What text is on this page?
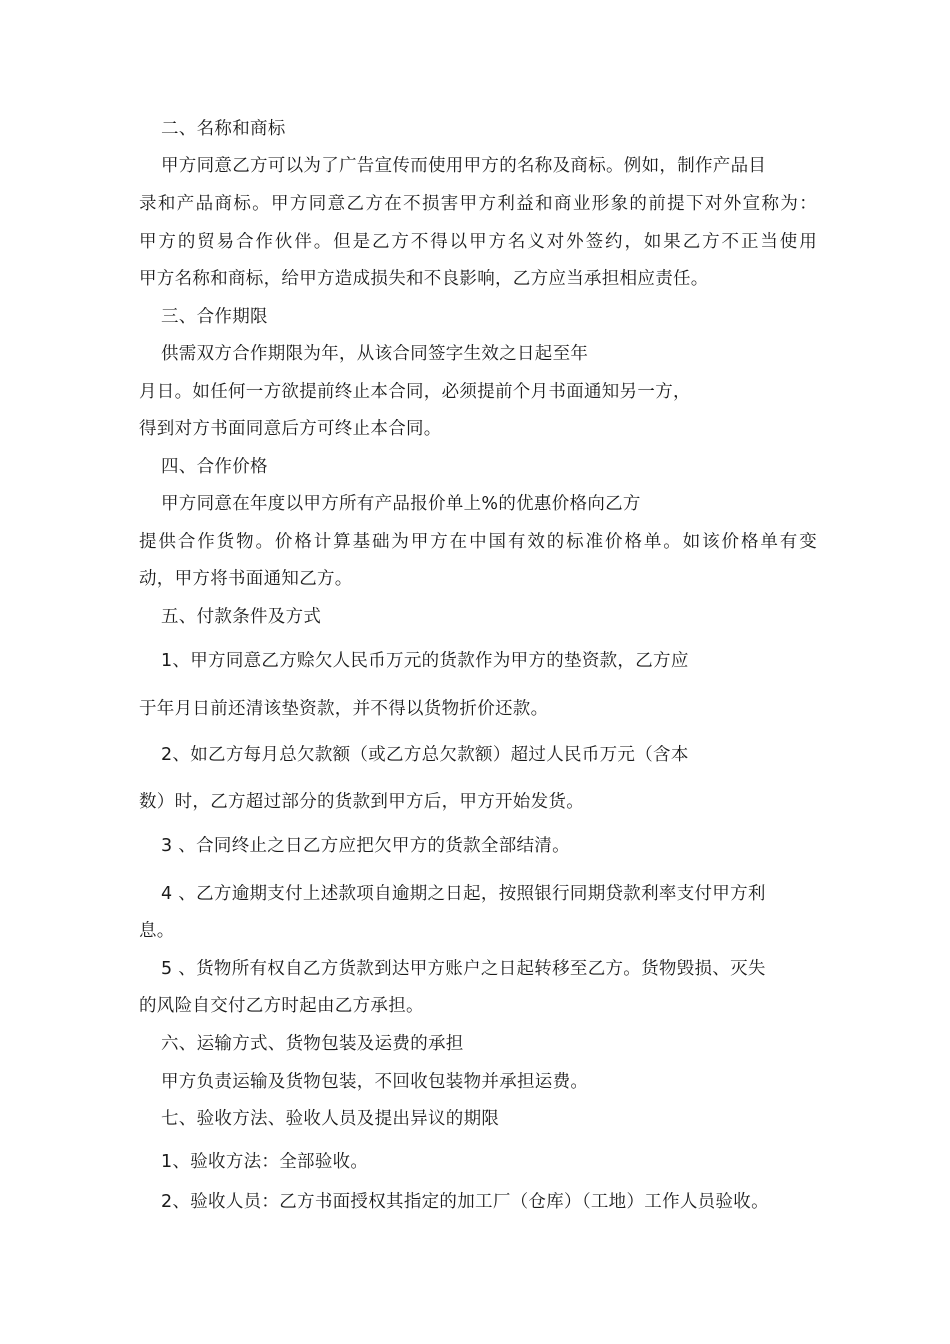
二、名称和商标
甲方同意乙方可以为了广告宣传而使用甲方的名称及商标。例如，制作产品目
录和产品商标。甲方同意乙方在不损害甲方利益和商业形象的前提下对外宣称为：
甲方的贸易合作伙伴。但是乙方不得以甲方名义对外签约，如果乙方不正当使用
甲方名称和商标，给甲方造成损失和不良影响，乙方应当承担相应责任。
三、合作期限
供需双方合作期限为年，从该合同签字生效之日起至年
月日。如任何一方欲提前终止本合同，必须提前个月书面通知另一方，
得到对方书面同意后方可终止本合同。
四、合作价格
甲方同意在年度以甲方所有产品报价单上%的优惠价格向乙方
提供合作货物。价格计算基础为甲方在中国有效的标准价格单。如该价格单有变
动，甲方将书面通知乙方。
五、付款条件及方式
1、甲方同意乙方赊欠人民币万元的货款作为甲方的垫资款，乙方应
于年月日前还清该垫资款，并不得以货物折价还款。
2、如乙方每月总欠款额（或乙方总欠款额）超过人民币万元（含本
数）时，乙方超过部分的货款到甲方后，甲方开始发货。
3 、合同终止之日乙方应把欠甲方的货款全部结清。
4 、乙方逾期支付上述款项自逾期之日起，按照银行同期贷款利率支付甲方利
息。
5 、货物所有权自乙方货款到达甲方账户之日起转移至乙方。货物毁损、灭失
的风险自交付乙方时起由乙方承担。
六、运输方式、货物包装及运费的承担
甲方负责运输及货物包装，不回收包装物并承担运费。
七、验收方法、验收人员及提出异议的期限
1、验收方法：全部验收。
2、验收人员：乙方书面授权其指定的加工厂（仓库）（工地）工作人员验收。
